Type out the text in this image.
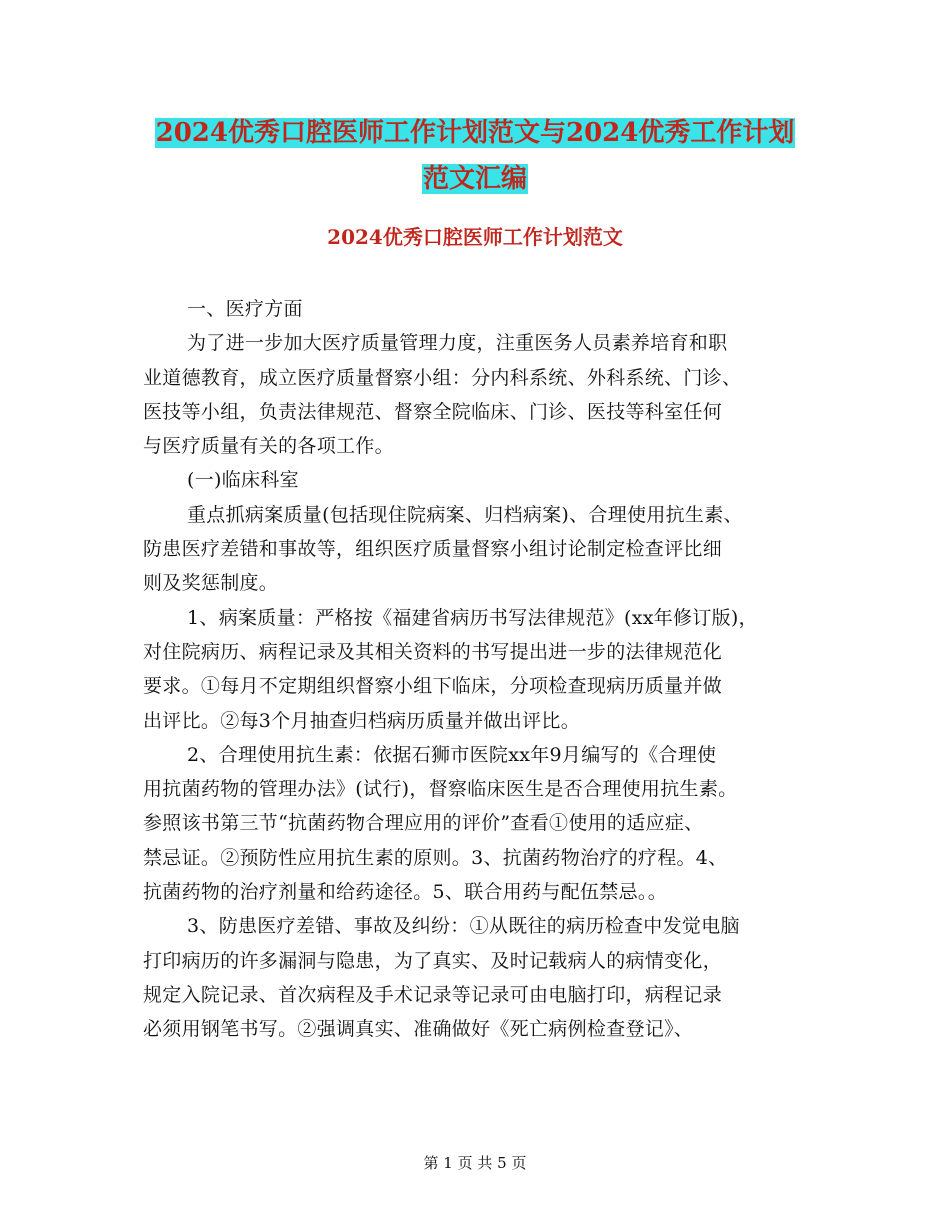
2024优秀口腔医师工作计划范文与2024优秀工作计划
范文汇编
2024优秀口腔医师工作计划范文
一、医疗方面
为了进一步加大医疗质量管理力度，注重医务人员素养培育和职
业道德教育，成立医疗质量督察小组：分内科系统、外科系统、门诊、
医技等小组，负责法律规范、督察全院临床、门诊、医技等科室任何
与医疗质量有关的各项工作。
(一)临床科室
重点抓病案质量(包括现住院病案、归档病案)、合理使用抗生素、
防患医疗差错和事故等，组织医疗质量督察小组讨论制定检查评比细
则及奖惩制度。
1、病案质量：严格按《福建省病历书写法律规范》(xx年修订版)，
对住院病历、病程记录及其相关资料的书写提出进一步的法律规范化
要求。①每月不定期组织督察小组下临床，分项检查现病历质量并做
出评比。②每3个月抽查归档病历质量并做出评比。
2、合理使用抗生素：依据石狮市医院xx年9月编写的《合理使
用抗菌药物的管理办法》(试行)，督察临床医生是否合理使用抗生素。
参照该书第三节“抗菌药物合理应用的评价”查看①使用的适应症、
禁忌证。②预防性应用抗生素的原则。3、抗菌药物治疗的疗程。4、
抗菌药物的治疗剂量和给药途径。5、联合用药与配伍禁忌。。
3、防患医疗差错、事故及纠纷：①从既往的病历检查中发觉电脑
打印病历的许多漏洞与隐患，为了真实、及时记载病人的病情变化，
规定入院记录、首次病程及手术记录等记录可由电脑打印，病程记录
必须用钢笔书写。②强调真实、准确做好《死亡病例检查登记》、
第 1 页 共 5 页
